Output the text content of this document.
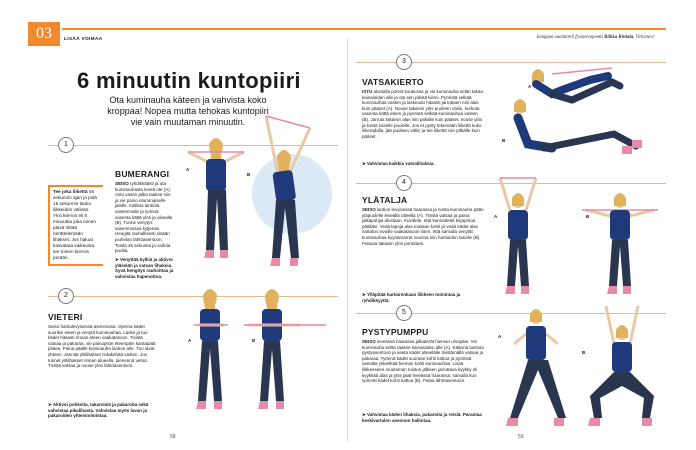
03	LISÄÄ VOIMAA	Jumppaa suomitreli fysioterapeutti Riikka Rintala. Virkistavr.
6 minuutin kuntopiiri
Ota kuminauha käteen ja vahvista koko kroppaa! Nopea mutta tehokas kuntopiiri vie vain muutaman minuutin.
1
Tee joka liikettä 45 sekunnin ajan ja pidä 15 sekunnin tauko liikkeiden välissä. Yksi kierros eli 6 minuuttia joka toinen päivä riittää herättelemään lihakset. Jos haluat kasvattaa vaikeusta, tee toinen kierros perään.
BUMERANGI
SEISO ryhdikkäästi ja ota kuminauhasta leveä ote (A). Astu vasen jalka taakse niin ja vie paino etummaiselle jalalle. Kallista lantiota vasemmalle ja työnnä vasenta kättä ylös ja oikealle (B). Tunne venytys vasemmassa kyljessä. Hengitä rauhallisesti sisään jouhelan lähtöasentoon. Toista 45 sekuntia ja vaihda puolta.
➤ Venyttää kylkiä ja aktivoi yläselän ja vatsan lihaksia. Syvä hengitys rauhoittaa ja vahvistaa hapenottoa.
A
B
2
VIETERI
Seiso hartialevyisessä asennossa. Ojenna kädet suoriksi eteen ja venytä kuminauhaa. Laske ja tuo kädet hitaasti rinnan eteen vaakatasoon. Tivistä vatsaa ja pakaraa, vie painopiste eteenpäin kantapäät pitäen. Paina päälle kuminauha lantion alle. Tuo lavat yhteen. Jännitä ylälihakset rintakehää vasten. Jos tunnet ylälihakset rinnan alueella, pienennä vetoa. Tivistä vatsaa ja nouse ylös lähtöasentoon.
➤ Aktivoi pohkeita, takareisiä ja pakaroita sekä vahvistaa pikalihasta. Vahvistaa myös lavan ja pakaroiden yhteistoimintaa.
A	B
58
3
VATSAKIERTO
ISTU alustalla polvet koukussa ja vie kuminauha selän takaa kainaloiden alle ja ota sen päistä kiinni. Pyöristä selkää kuminauhaa vasten ja laskeudu hitaasti jarruttaen niin alas kuin pääset (A). Nouse takaisin ylös puoleen väliin, kurkota vasenta kättä eteen ja pyöristä selkää kuminauhaa vasten (B). Jarruta takaisin alas niin pitkälle kuin pääset, nouse ylös ja toista toiselle puolelle. Jos et pysty tekemään liikettä koko liikeradalla, jää puoleen väliin ja tee liikettä niin pitkälle kuin pääset.
➤ Vahvistaa kaikkia vatsalihaksia.
A
B
4
YLÄTALJA
SEISO lantion levyisessä haarassa ja nosta kuminauha pään yläpuolelle leveällä otteella (A). Tivistä vatsaa ja paina jalkapohjia alustaan. Kuvittele, että kannattelet kirjapinoa päälläsi. Vedä lapoja alas toisiaan kohti ja vedä kädet alas vartalon sivuille vaakatasoon siten, että samalla venytät kuminauhaa kyynärvarret suorina niin hartioiden tasolle (B). Palauta takaisin ylös jarruttaen.
➤ Ylläpitää hartiarenkaan liikkeen toimintaa ja ryhdikkyyttä.
A	B
5
PYSTYPUMPPU
SEISO leveässä haarassa jalkaterät hieman ulospäin. Vie kuminauha selän taakse kainaloiden alle (A). Käännä lantiota pystyasentoon ja aseta kädet alaselälle tivistämällä vatsaa ja pakaraa. Työnnä kädet suoraan kohti kattoa ja pyöristä samalla yläselkää hieman kohti kuminauhaa. Lisää liikkeeseen muutaman toiston jälkeen jarruttava kyykky eli kyykkää alas ja ylös jalat leveässä haarassa, samalla kun työnnät kädet kohti kattoa (B). Palaa lähtöasentoon.
➤ Vahvistaa käden lihaksia, pakaroita ja reisiä. Parantaa keskivartalon asennon hallintaa.
A
B
59
